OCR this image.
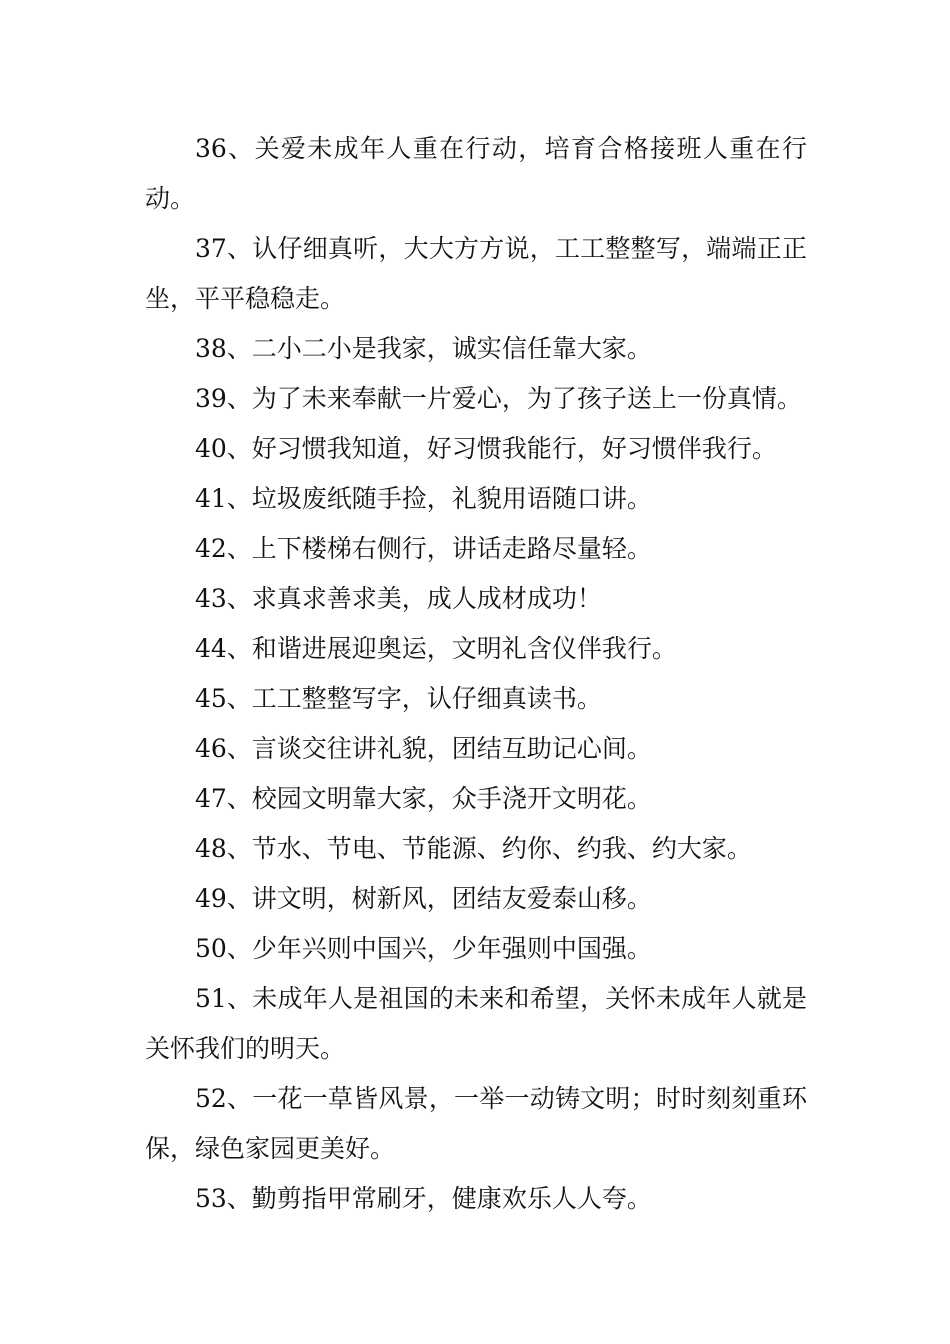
36、关爱未成年人重在行动，培育合格接班人重在行动。

37、认仔细真听，大大方方说，工工整整写，端端正正坐，平平稳稳走。

38、二小二小是我家，诚实信任靠大家。

39、为了未来奉献一片爱心，为了孩子送上一份真情。

40、好习惯我知道，好习惯我能行，好习惯伴我行。

41、垃圾废纸随手捡，礼貌用语随口讲。

42、上下楼梯右侧行，讲话走路尽量轻。

43、求真求善求美，成人成材成功！

44、和谐进展迎奥运，文明礼含仪伴我行。

45、工工整整写字，认仔细真读书。

46、言谈交往讲礼貌，团结互助记心间。

47、校园文明靠大家，众手浇开文明花。

48、节水、节电、节能源、约你、约我、约大家。

49、讲文明，树新风，团结友爱泰山移。

50、少年兴则中国兴，少年强则中国强。

51、未成年人是祖国的未来和希望，关怀未成年人就是关怀我们的明天。

52、一花一草皆风景，一举一动铸文明；时时刻刻重环保，绿色家园更美好。

53、勤剪指甲常刷牙，健康欢乐人人夸。
